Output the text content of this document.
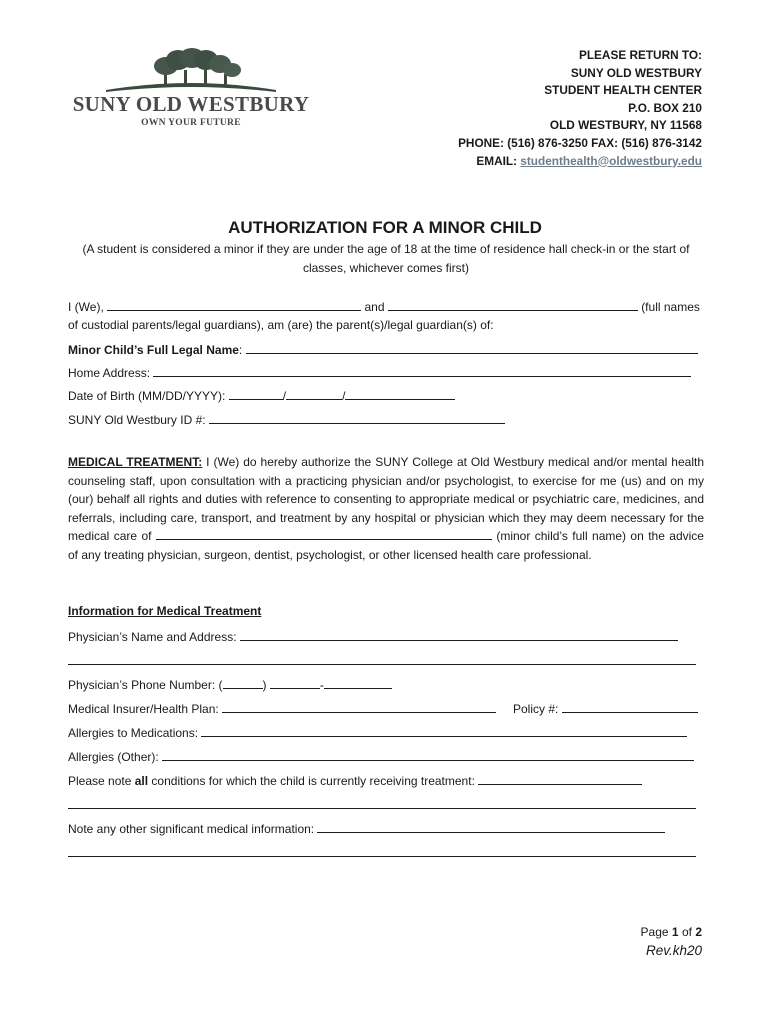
SUNY OLD WESTBURY
OWN YOUR FUTURE
PLEASE RETURN TO:
SUNY OLD WESTBURY
STUDENT HEALTH CENTER
P.O. BOX 210
OLD WESTBURY, NY 11568
PHONE: (516) 876-3250 FAX: (516) 876-3142
EMAIL: studenthealth@oldwestbury.edu
AUTHORIZATION FOR A MINOR CHILD
(A student is considered a minor if they are under the age of 18 at the time of residence hall check-in or the start of classes, whichever comes first)
I (We),	and	(full names
of custodial parents/legal guardians), am (are) the parent(s)/legal guardian(s) of:
Minor Child’s Full Legal Name:
Home Address:
Date of Birth (MM/DD/YYYY):	/	/
SUNY Old Westbury ID #:
MEDICAL TREATMENT: I (We) do hereby authorize the SUNY College at Old Westbury medical and/or mental health counseling staff, upon consultation with a practicing physician and/or psychologist, to exercise for me (us) and on my (our) behalf all rights and duties with reference to consenting to appropriate medical or psychiatric care, medicines, and referrals, including care, transport, and treatment by any hospital or physician which they may deem necessary for the medical care of	(minor child’s full name) on the advice of any treating physician, surgeon, dentist, psychologist, or other licensed health care professional.
Information for Medical Treatment
Physician’s Name and Address:
Physician’s Phone Number: (	)	-
Medical Insurer/Health Plan:	Policy #:
Allergies to Medications:
Allergies (Other):
Please note all conditions for which the child is currently receiving treatment:
Note any other significant medical information:
Page 1 of 2
Rev.kh20
